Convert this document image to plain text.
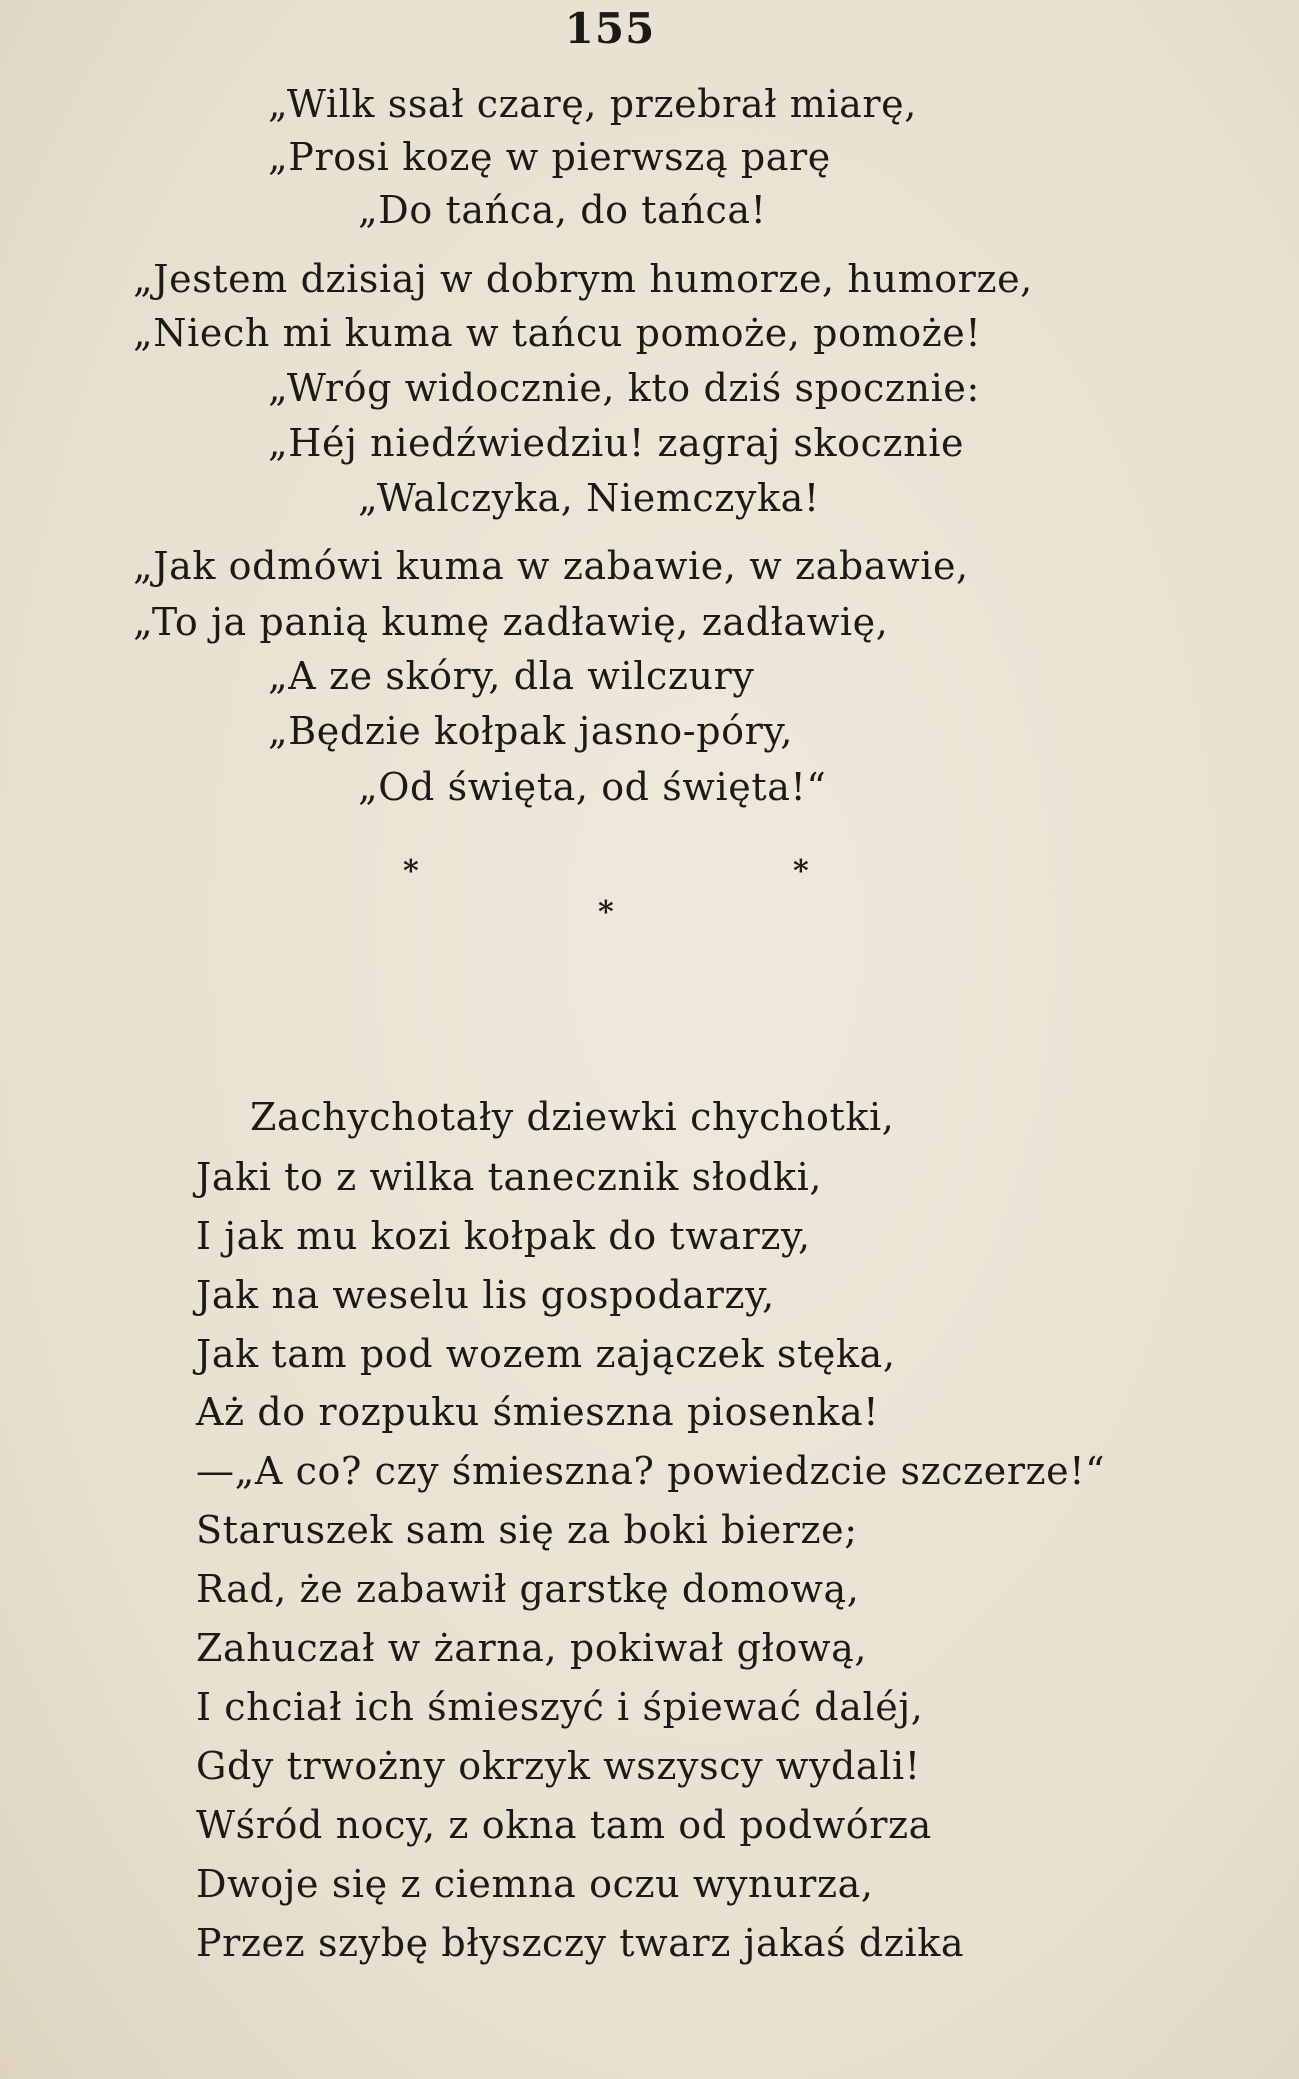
155
„Wilk ssał czarę, przebrał miarę,
„Prosi kozę w pierwszą parę
„Do tańca, do tańca!
„Jestem dzisiaj w dobrym humorze, humorze,
„Niech mi kuma w tańcu pomoże, pomoże!
„Wróg widocznie, kto dziś spocznie:
„Héj niedźwiedziu! zagraj skocznie
„Walczyka, Niemczyka!
„Jak odmówi kuma w zabawie, w zabawie,
„To ja panią kumę zadławię, zadławię,
„A ze skóry, dla wilczury
„Będzie kołpak jasno-póry,
„Od święta, od święta!“
*	*
*
Zachychotały dziewki chychotki,
Jaki to z wilka tanecznik słodki,
I jak mu kozi kołpak do twarzy,
Jak na weselu lis gospodarzy,
Jak tam pod wozem zajączek stęka,
Aż do rozpuku śmieszna piosenka!
—„A co? czy śmieszna? powiedzcie szczerze!“
Staruszek sam się za boki bierze;
Rad, że zabawił garstkę domową,
Zahuczał w żarna, pokiwał głową,
I chciał ich śmieszyć i śpiewać daléj,
Gdy trwożny okrzyk wszyscy wydali!
Wśród nocy, z okna tam od podwórza
Dwoje się z ciemna oczu wynurza,
Przez szybę błyszczy twarz jakaś dzika
